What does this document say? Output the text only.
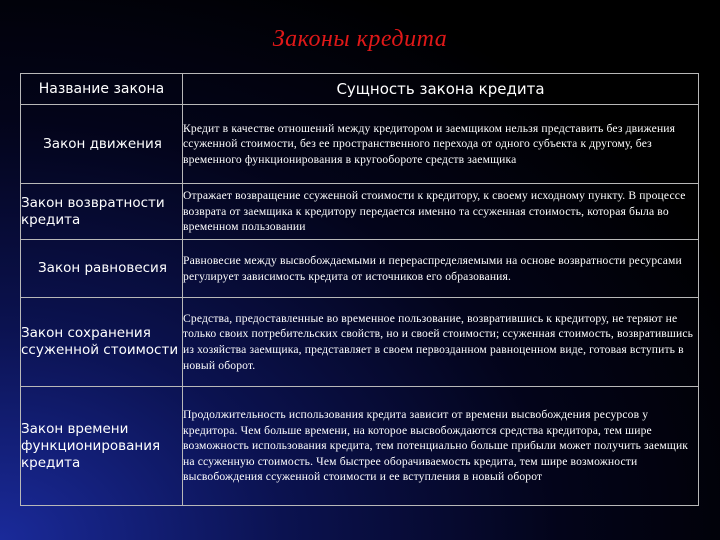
Законы кредита
Название закона	Сущность закона кредита
Закон движения	Кредит в качестве отношений между кредитором и заемщиком нельзя представить без движения ссуженной стоимости, без ее пространственного перехода от одного субъекта к другому, без временного функционирования в кругообороте средств заемщика
Закон возвратности кредита	Отражает возвращение ссуженной стоимости к кредитору, к своему исходному пункту. В процессе возврата от заемщика к кредитору передается именно та ссуженная стоимость, которая была во временном пользовании
Закон равновесия	Равновесие между высвобождаемыми и перераспределяемыми на основе возвратности ресурсами регулирует зависимость кредита от источников его образования.
Закон сохранения ссуженной стоимости	Средства, предоставленные во временное пользование, возвратившись к кредитору, не теряют не только своих потребительских свойств, но и своей стоимости; ссуженная стоимость, возвратившись из хозяйства заемщика, представляет в своем первозданном равноценном виде, готовая вступить в новый оборот.
Закон времени функционирования кредита	Продолжительность использования кредита зависит от времени высвобождения ресурсов у кредитора. Чем больше времени, на которое высвобождаются средства кредитора, тем шире возможность использования кредита, тем потенциально больше прибыли может получить заемщик на ссуженную стоимость. Чем быстрее оборачиваемость кредита, тем шире возможности высвобождения ссуженной стоимости и ее вступления в новый оборот
